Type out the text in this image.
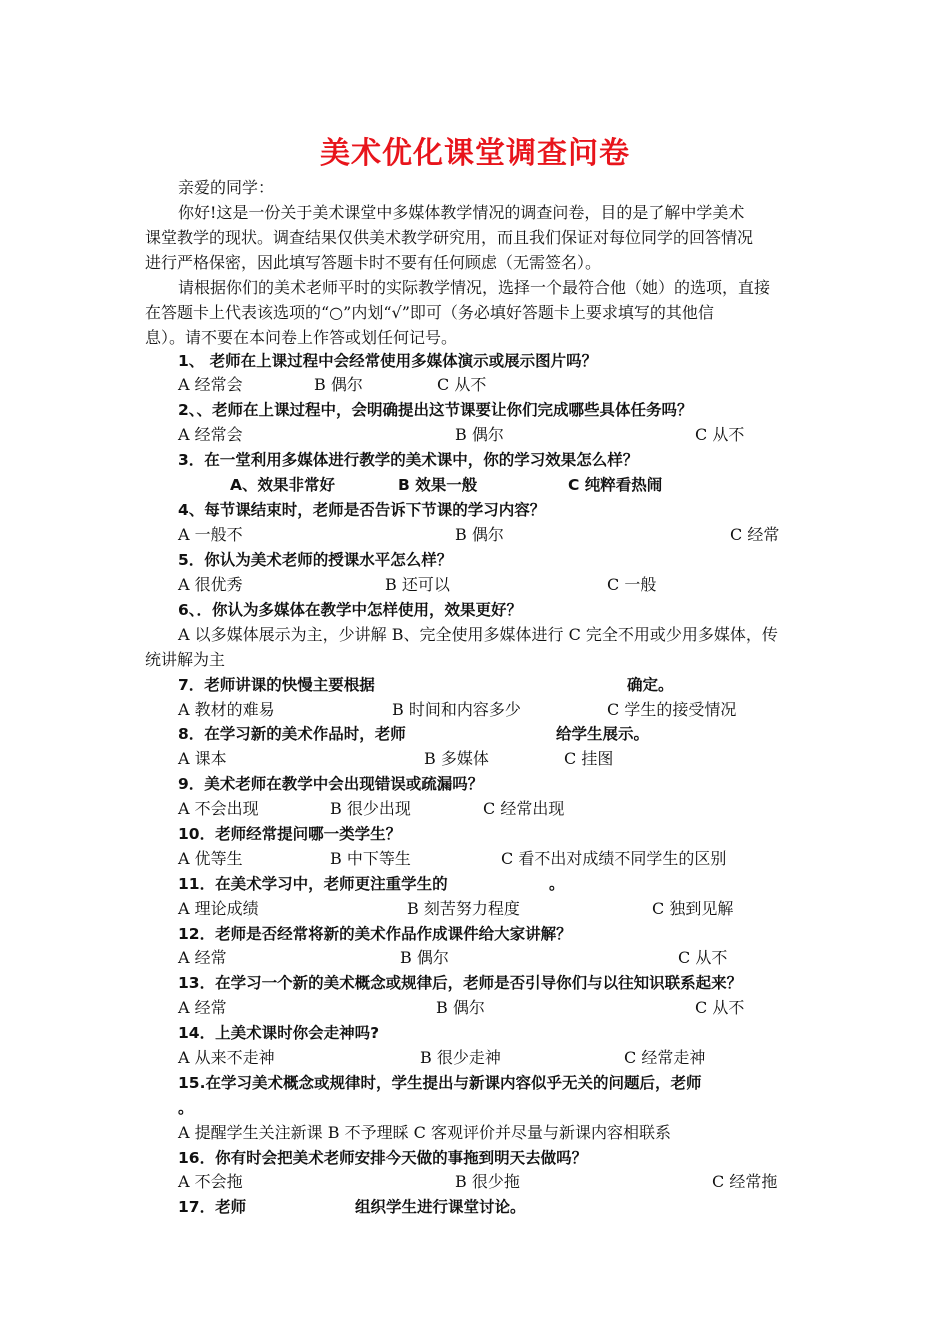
美术优化课堂调查问卷
亲爱的同学：
你好!这是一份关于美术课堂中多媒体教学情况的调查问卷，目的是了解中学美术
课堂教学的现状。调查结果仅供美术教学研究用，而且我们保证对每位同学的回答情况
进行严格保密，因此填写答题卡时不要有任何顾虑（无需签名）。
请根据你们的美术老师平时的实际教学情况，选择一个最符合他（她）的选项，直接
在答题卡上代表该选项的“○”内划“√”即可（务必填好答题卡上要求填写的其他信
息）。请不要在本问卷上作答或划任何记号。
1、 老师在上课过程中会经常使用多媒体演示或展示图片吗？
A 经常会	B 偶尔	C 从不
2、、老师在上课过程中，会明确提出这节课要让你们完成哪些具体任务吗？
A 经常会	B 偶尔	C 从不
3．在一堂利用多媒体进行教学的美术课中，你的学习效果怎么样？
A、效果非常好	B 效果一般	C 纯粹看热闹
4、每节课结束时，老师是否告诉下节课的学习内容？
A 一般不	B 偶尔	C 经常
5．你认为美术老师的授课水平怎么样？
A 很优秀	B 还可以	C 一般
6、．你认为多媒体在教学中怎样使用，效果更好？
A 以多媒体展示为主，少讲解 B、完全使用多媒体进行 C 完全不用或少用多媒体，传
统讲解为主
7．老师讲课的快慢主要根据	确定。
A 教材的难易	B 时间和内容多少	C 学生的接受情况
8．在学习新的美术作品时，老师	给学生展示。
A 课本	B 多媒体	C 挂图
9．美术老师在教学中会出现错误或疏漏吗？
A 不会出现	B 很少出现	C 经常出现
10．老师经常提问哪一类学生？
A 优等生	B 中下等生	C 看不出对成绩不同学生的区别
11．在美术学习中，老师更注重学生的	。
A 理论成绩	B 刻苦努力程度	C 独到见解
12．老师是否经常将新的美术作品作成课件给大家讲解？
A 经常	B 偶尔	C 从不
13．在学习一个新的美术概念或规律后，老师是否引导你们与以往知识联系起来？
A 经常	B 偶尔	C 从不
14．上美术课时你会走神吗?
A 从来不走神	B 很少走神	C 经常走神
15.在学习美术概念或规律时，学生提出与新课内容似乎无关的问题后，老师
。
A 提醒学生关注新课 B 不予理睬 C 客观评价并尽量与新课内容相联系
16．你有时会把美术老师安排今天做的事拖到明天去做吗？
A 不会拖	B 很少拖	C 经常拖
17．老师	组织学生进行课堂讨论。
